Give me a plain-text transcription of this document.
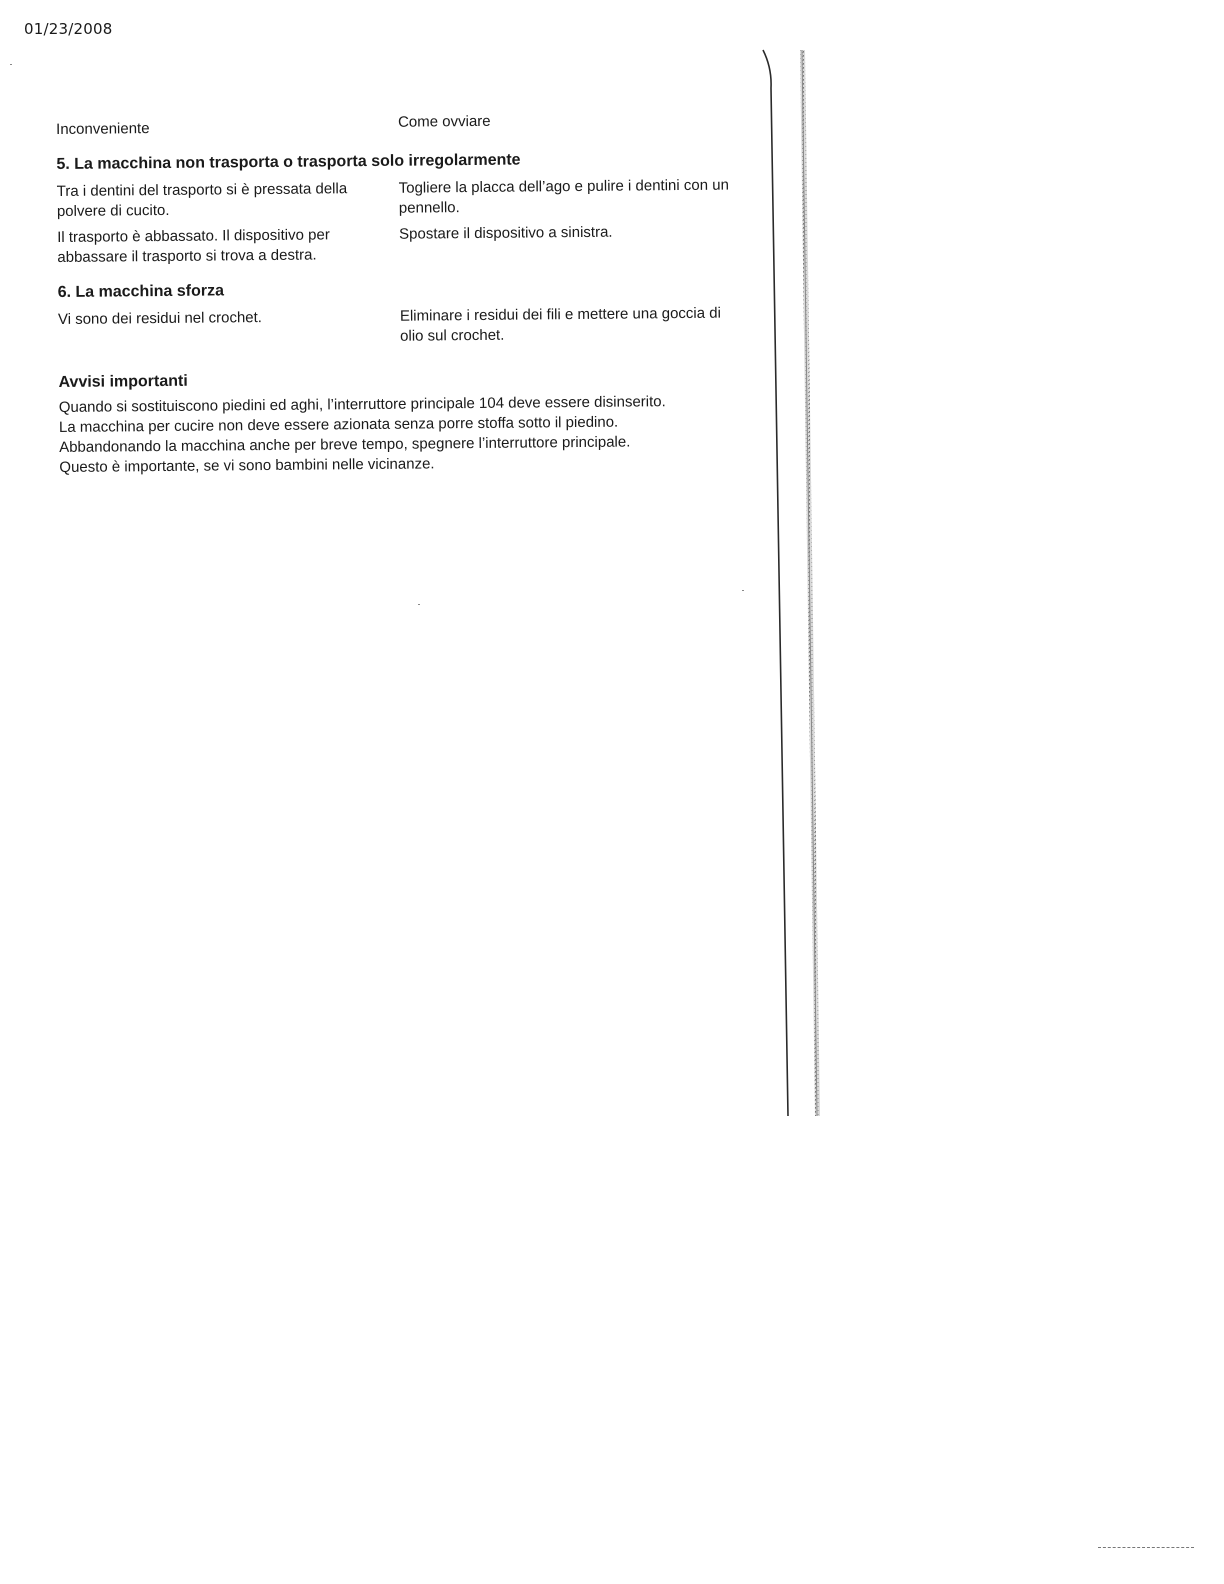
01/23/2008
Inconveniente	Come ovviare
5. La macchina non trasporta o trasporta solo irregolarmente
Tra i dentini del trasporto si è pressata della polvere di cucito.
Togliere la placca dell’ago e pulire i dentini con un pennello.
Il trasporto è abbassato. Il dispositivo per abbassare il trasporto si trova a destra.
Spostare il dispositivo a sinistra.
6. La macchina sforza
Vi sono dei residui nel crochet.	Eliminare i residui dei fili e mettere una goccia di olio sul crochet.
Avvisi importanti

Quando si sostituiscono piedini ed aghi, l’interruttore principale 104 deve essere disinserito.

La macchina per cucire non deve essere azionata senza porre stoffa sotto il piedino.

Abbandonando la macchina anche per breve tempo, spegnere l’interruttore principale.

Questo è importante, se vi sono bambini nelle vicinanze.
